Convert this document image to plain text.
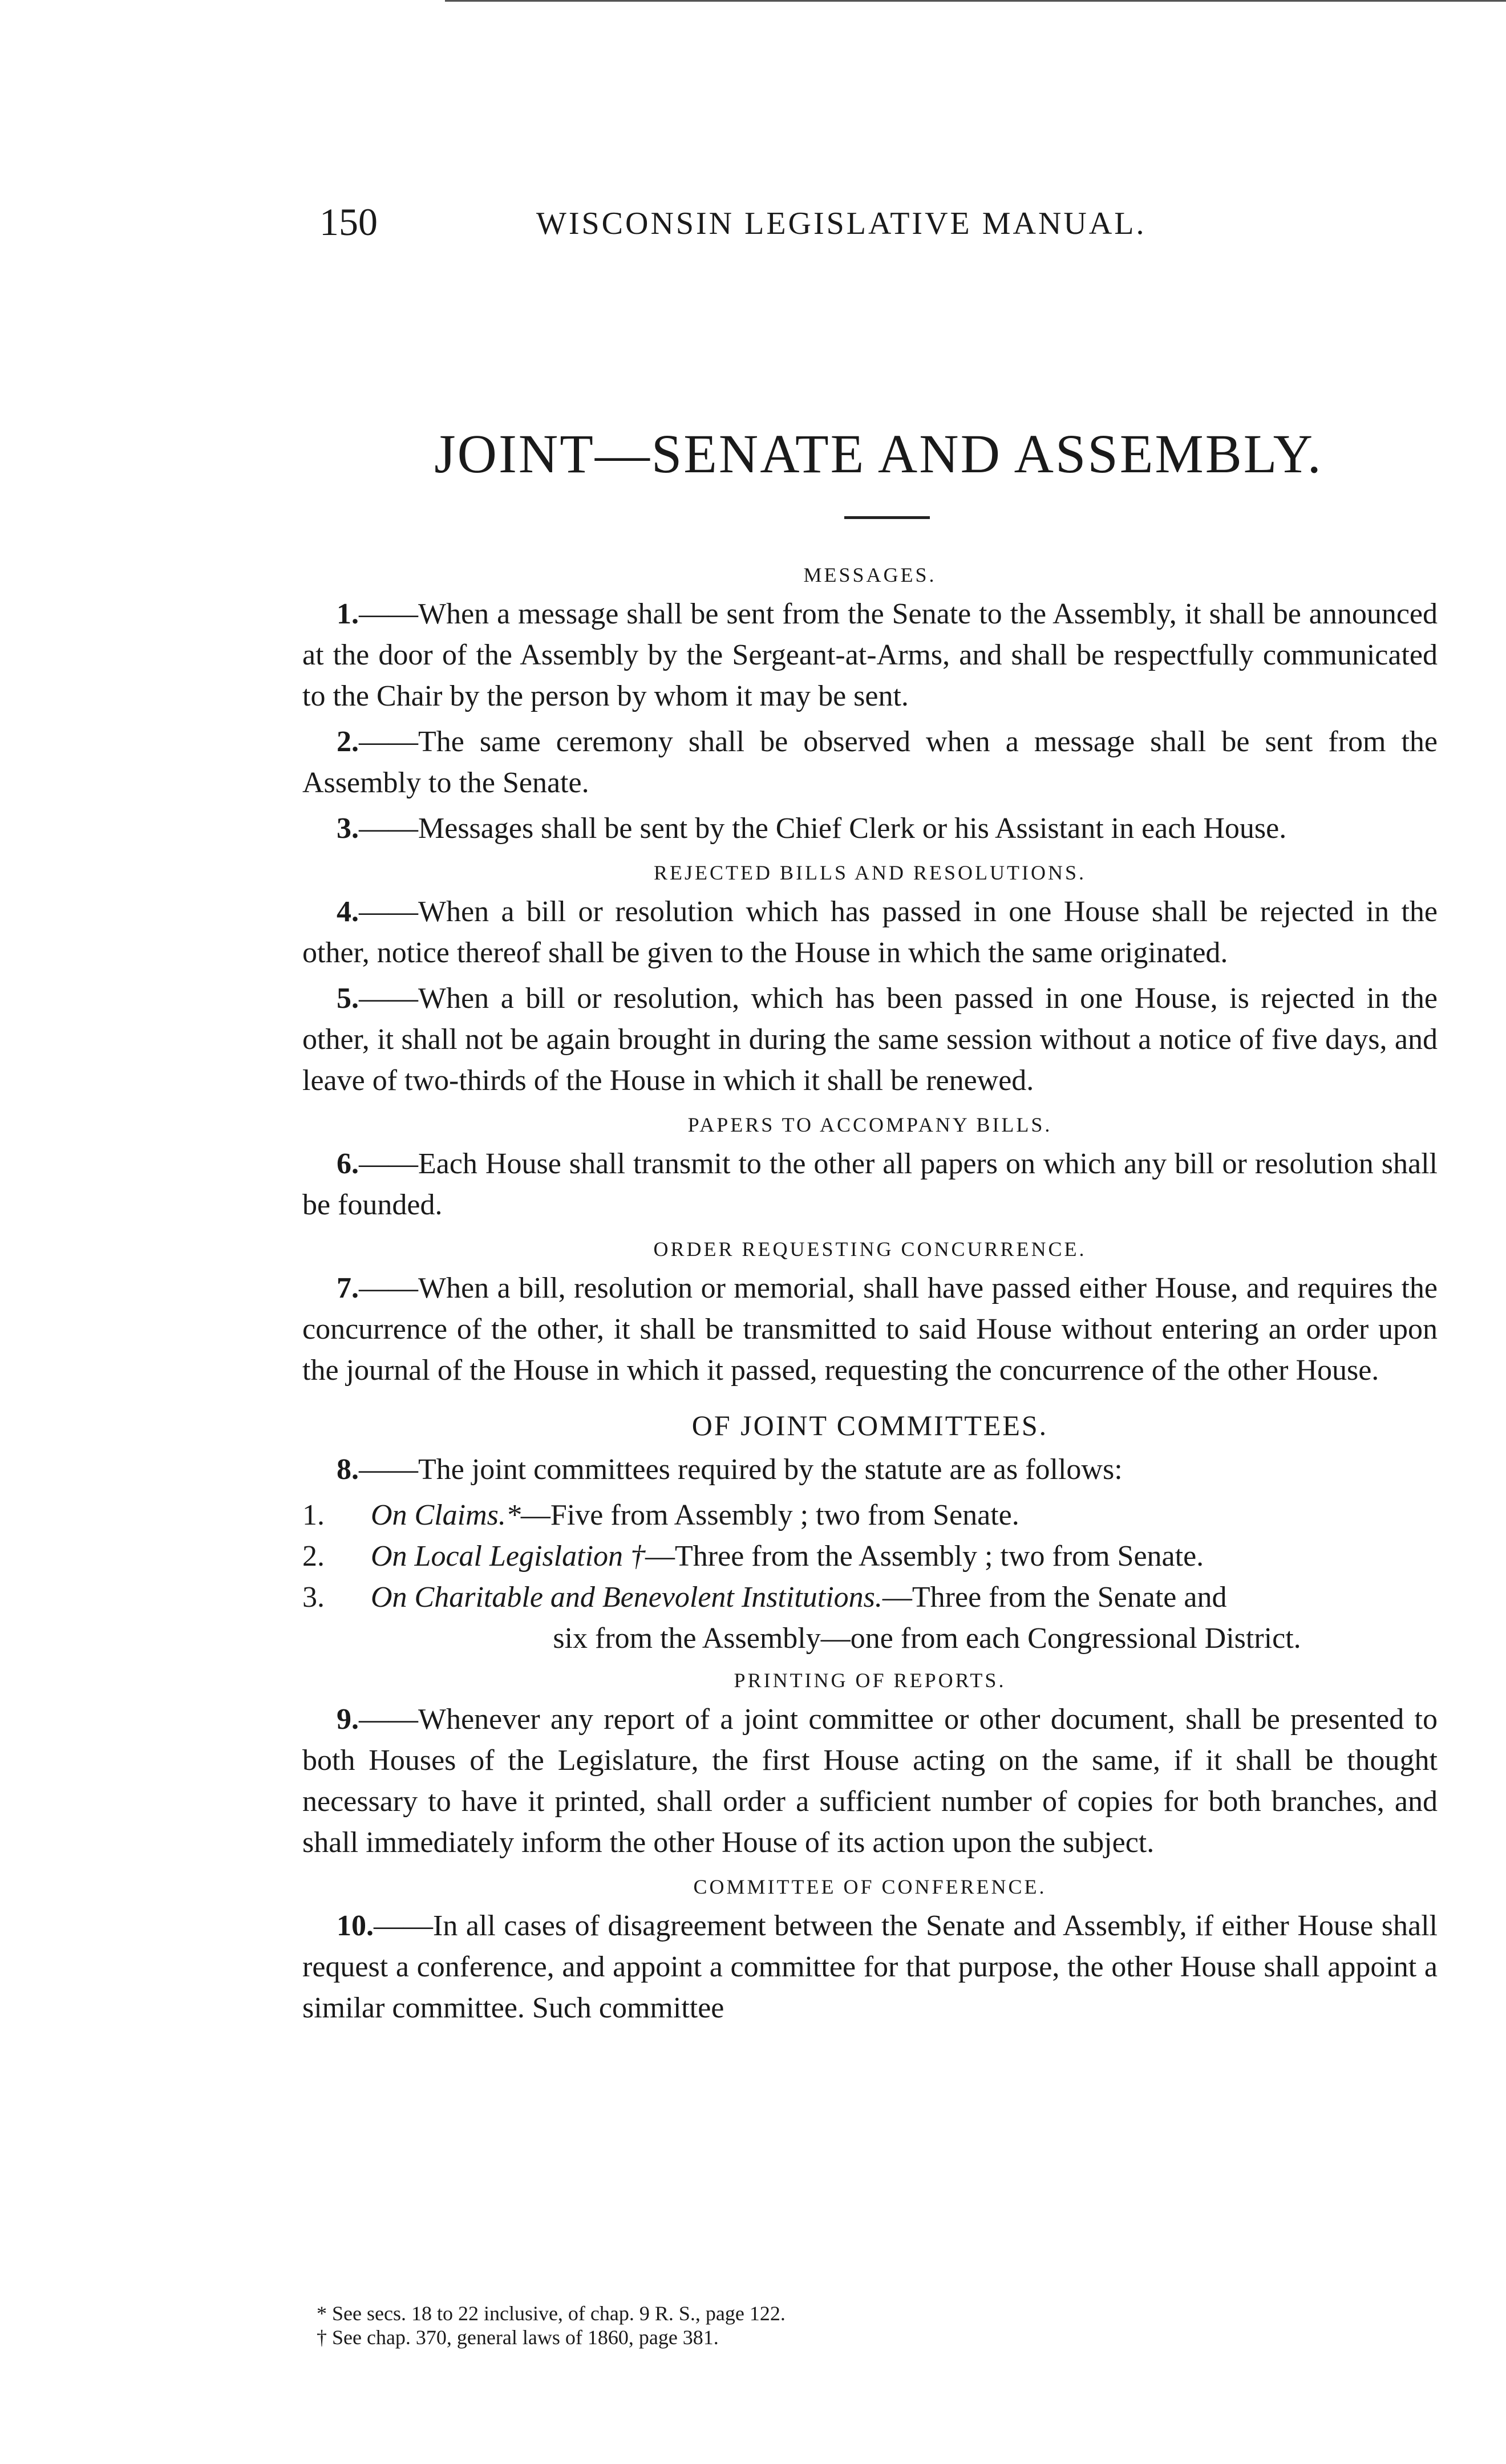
150	WISCONSIN LEGISLATIVE MANUAL.
JOINT—SENATE AND ASSEMBLY.
MESSAGES.

1.——When a message shall be sent from the Senate to the Assembly, it shall be announced at the door of the Assembly by the Sergeant-at-Arms, and shall be respectfully communicated to the Chair by the person by whom it may be sent.

2.——The same ceremony shall be observed when a message shall be sent from the Assembly to the Senate.

3.——Messages shall be sent by the Chief Clerk or his Assistant in each House.

REJECTED BILLS AND RESOLUTIONS.

4.——When a bill or resolution which has passed in one House shall be rejected in the other, notice thereof shall be given to the House in which the same originated.

5.——When a bill or resolution, which has been passed in one House, is rejected in the other, it shall not be again brought in during the same session without a notice of five days, and leave of two-thirds of the House in which it shall be renewed.

PAPERS TO ACCOMPANY BILLS.

6.——Each House shall transmit to the other all papers on which any bill or resolution shall be founded.

ORDER REQUESTING CONCURRENCE.

7.——When a bill, resolution or memorial, shall have passed either House, and requires the concurrence of the other, it shall be transmitted to said House without entering an order upon the journal of the House in which it passed, requesting the concurrence of the other House.

OF JOINT COMMITTEES.

8.——The joint committees required by the statute are as follows:

1. On Claims.*—Five from Assembly ; two from Senate.
2. On Local Legislation †—Three from the Assembly ; two from Senate.
3. On Charitable and Benevolent Institutions.—Three from the Senate and
six from the Assembly—one from each Congressional District.
PRINTING OF REPORTS.

9.——Whenever any report of a joint committee or other document, shall be presented to both Houses of the Legislature, the first House acting on the same, if it shall be thought necessary to have it printed, shall order a sufficient number of copies for both branches, and shall immediately inform the other House of its action upon the subject.

COMMITTEE OF CONFERENCE.

10.——In all cases of disagreement between the Senate and Assembly, if either House shall request a conference, and appoint a committee for that purpose, the other House shall appoint a similar committee. Such committee

* See secs. 18 to 22 inclusive, of chap. 9 R. S., page 122.
† See chap. 370, general laws of 1860, page 381.
